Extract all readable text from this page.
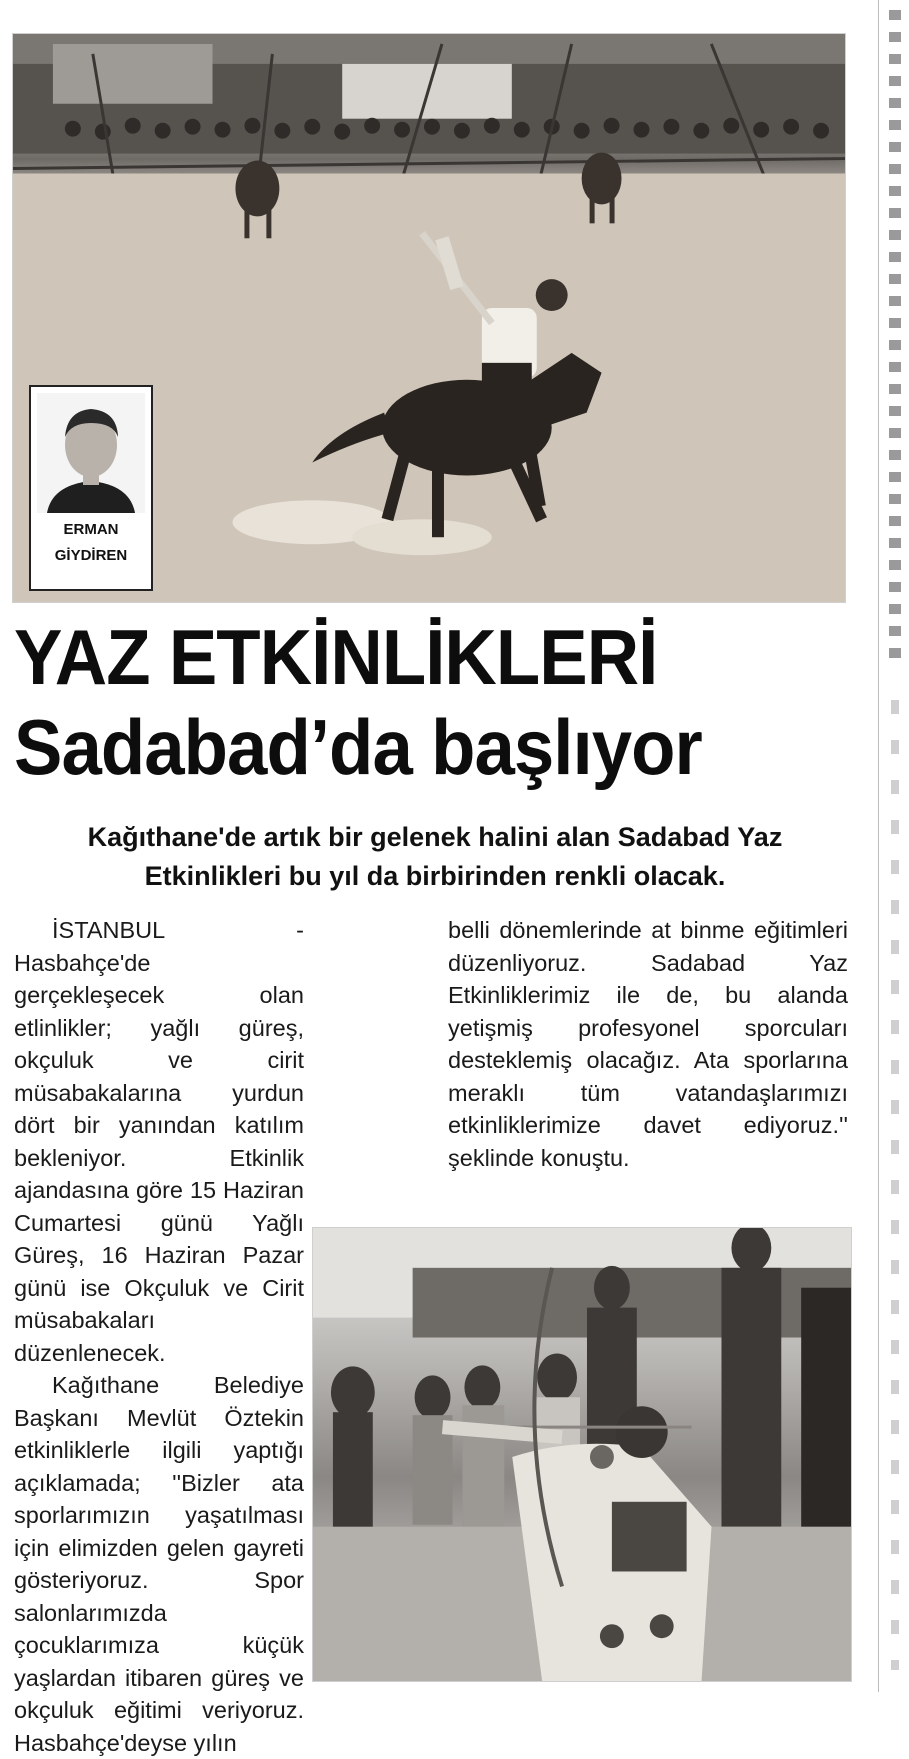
ERMAN
GİYDİREN
YAZ ETKİNLİKLERİ
Sadabad’da başlıyor

Kağıthane'de artık bir gelenek halini alan Sadabad Yaz Etkinlikleri bu yıl da birbirinden renkli olacak.

İSTANBUL - Hasbahçe'de gerçekleşecek olan etlinlikler; yağlı güreş, okçuluk ve cirit müsabakalarına yurdun dört bir yanından katılım bekleniyor. Etkinlik ajandasına göre 15 Haziran Cumartesi günü Yağlı Güreş, 16 Haziran Pazar günü ise Okçuluk ve Cirit müsabakaları düzenlenecek.

Kağıthane Belediye Başkanı Mevlüt Öztekin etkinliklerle ilgili yaptığı açıklamada; ''Bizler ata sporlarımızın yaşatılması için elimizden gelen gayreti gösteriyoruz. Spor salonlarımızda çocuklarımıza küçük yaşlardan itibaren güreş ve okçuluk eğitimi veriyoruz. Hasbahçe'deyse yılın

belli dönemlerinde at binme eğitimleri düzenliyoruz. Sadabad Yaz Etkinliklerimiz ile de, bu alanda yetişmiş profesyonel sporcuları desteklemiş olacağız. Ata sporlarına meraklı tüm vatandaşlarımızı etkinliklerimize davet ediyoruz.'' şeklinde konuştu.
